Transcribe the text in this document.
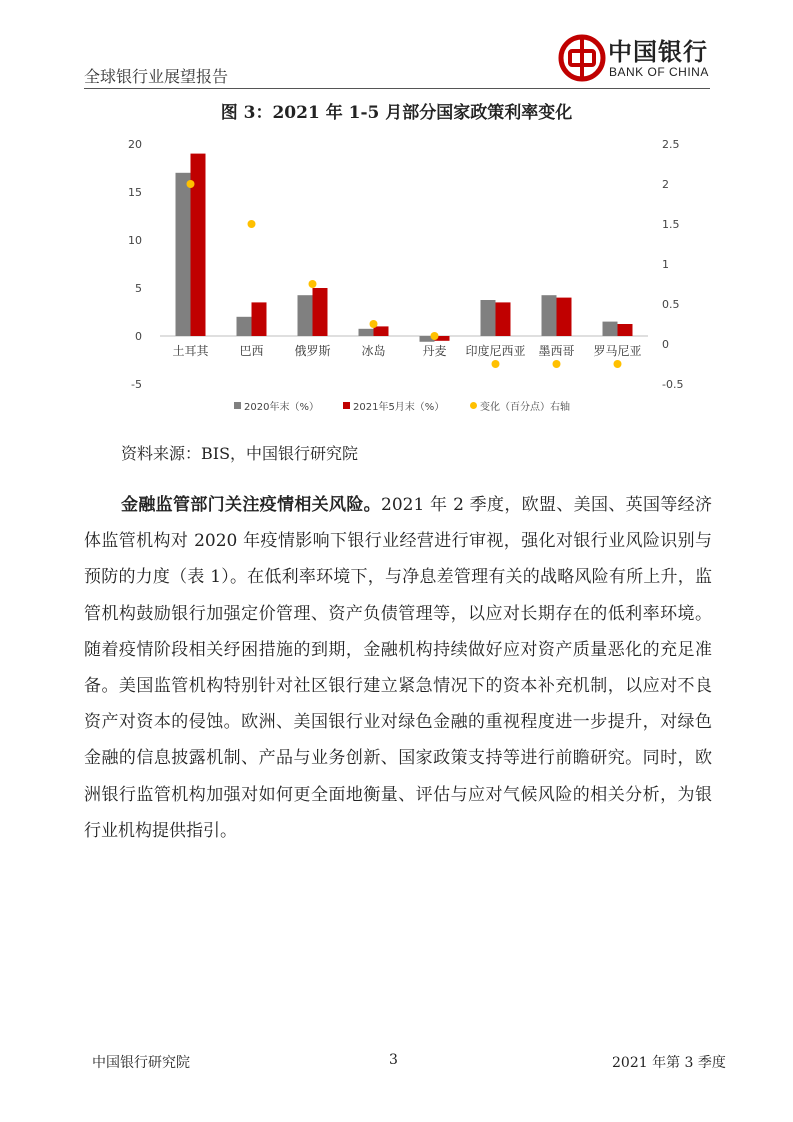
全球银行业展望报告
中国银行
BANK OF CHINA
图 3：2021 年 1-5 月部分国家政策利率变化
-5
0
5
10
15
20
-0.5
0
0.5
1
1.5
2
2.5
土耳其	巴西	俄罗斯	冰岛	丹麦 印度尼西亚 墨西哥 罗马尼亚
2020年末（%）	2021年5月末（%）	变化（百分点）右轴
资料来源：BIS，中国银行研究院
金融监管部门关注疫情相关风险。2021 年 2 季度，欧盟、美国、英国等经济体监管机构对 2020 年疫情影响下银行业经营进行审视，强化对银行业风险识别与预防的力度（表 1）。在低利率环境下，与净息差管理有关的战略风险有所上升，监管机构鼓励银行加强定价管理、资产负债管理等，以应对长期存在的低利率环境。随着疫情阶段相关纾困措施的到期，金融机构持续做好应对资产质量恶化的充足准备。美国监管机构特别针对社区银行建立紧急情况下的资本补充机制，以应对不良资产对资本的侵蚀。欧洲、美国银行业对绿色金融的重视程度进一步提升，对绿色金融的信息披露机制、产品与业务创新、国家政策支持等进行前瞻研究。同时，欧洲银行监管机构加强对如何更全面地衡量、评估与应对气候风险的相关分析，为银行业机构提供指引。
中国银行研究院	3	2021 年第 3 季度
